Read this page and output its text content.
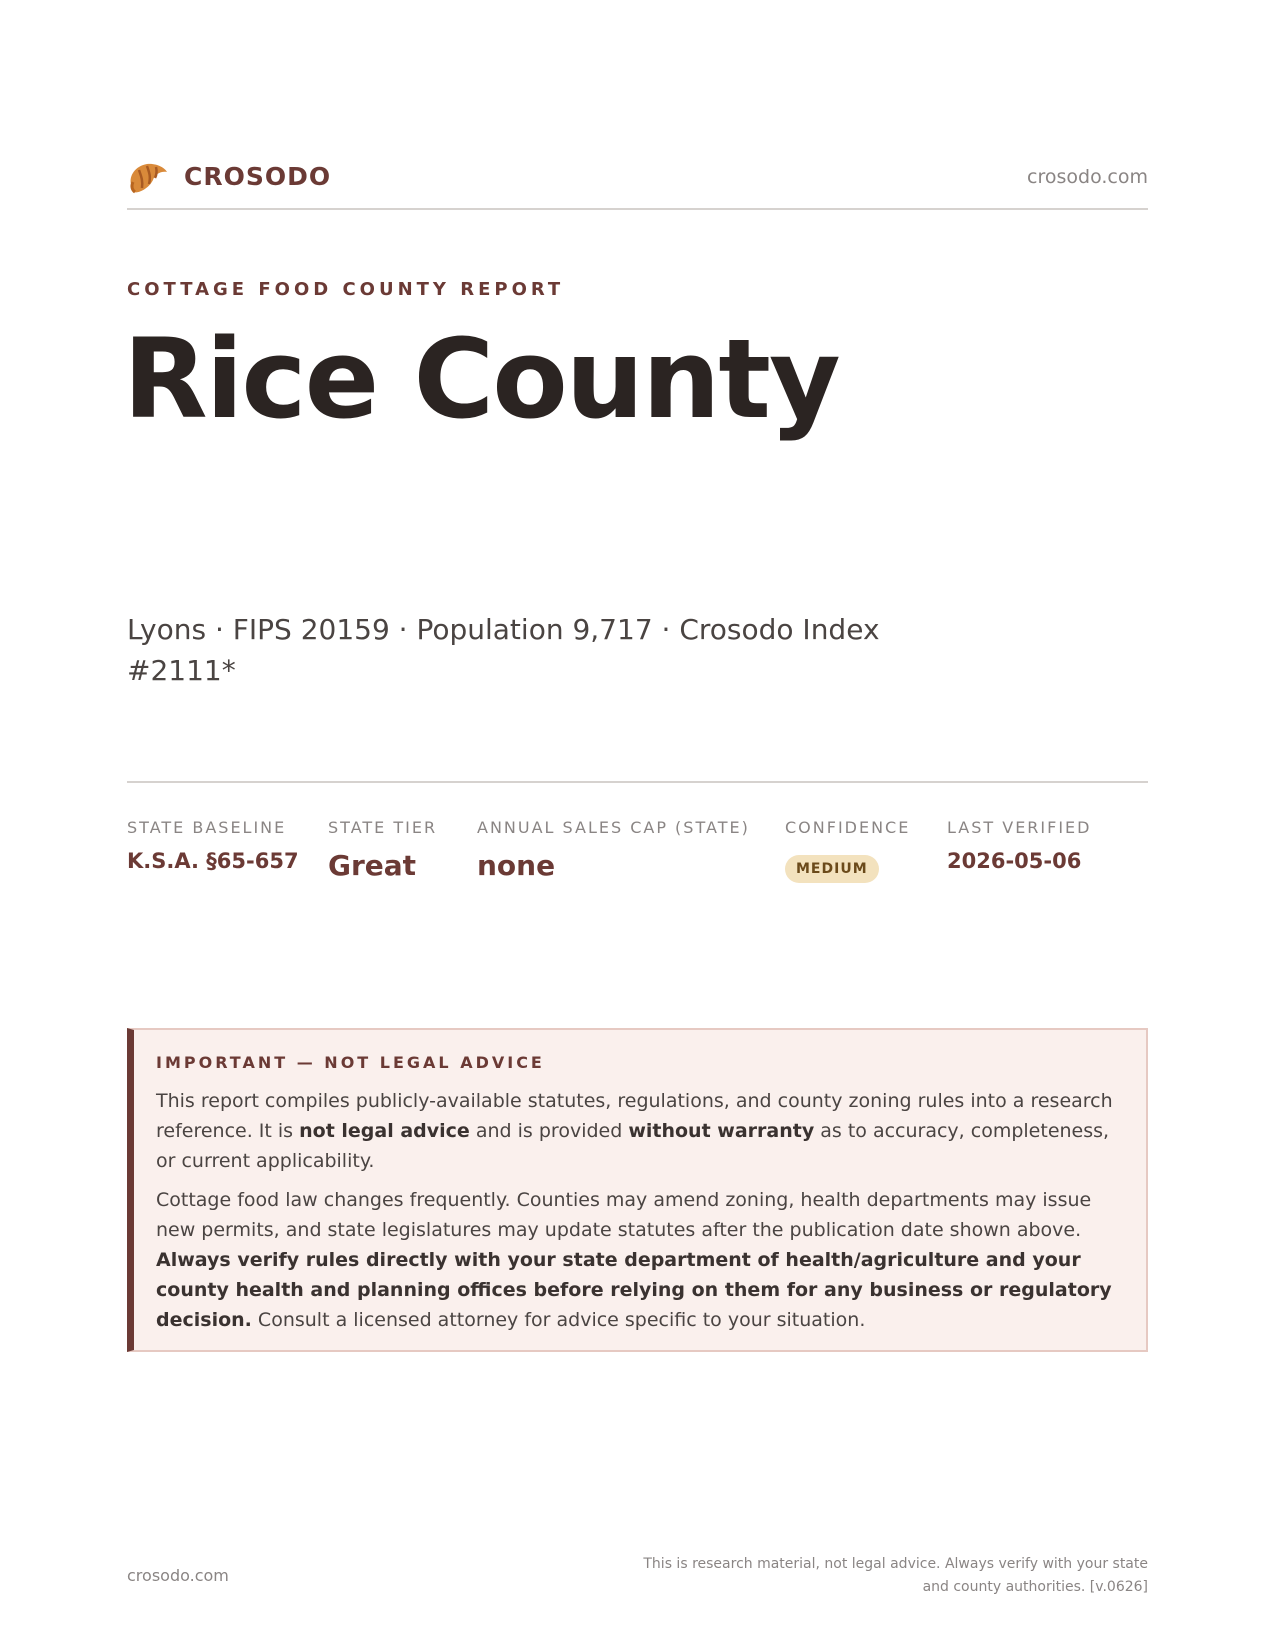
CROSODO	crosodo.com
COTTAGE FOOD COUNTY REPORT
Rice County
Lyons · FIPS 20159 · Population 9,717 · Crosodo Index #2111*
STATE BASELINE
K.S.A. §65-657
STATE TIER
Great
ANNUAL SALES CAP (STATE)
none
CONFIDENCE
MEDIUM
LAST VERIFIED
2026-05-06
IMPORTANT — NOT LEGAL ADVICE

This report compiles publicly-available statutes, regulations, and county zoning rules into a research reference. It is not legal advice and is provided without warranty as to accuracy, completeness, or current applicability.

Cottage food law changes frequently. Counties may amend zoning, health departments may issue new permits, and state legislatures may update statutes after the publication date shown above. Always verify rules directly with your state department of health/agriculture and your county health and planning offices before relying on them for any business or regulatory decision. Consult a licensed attorney for advice specific to your situation.

crosodo.com
This is research material, not legal advice. Always verify with your state
and county authorities. [v.0626]
